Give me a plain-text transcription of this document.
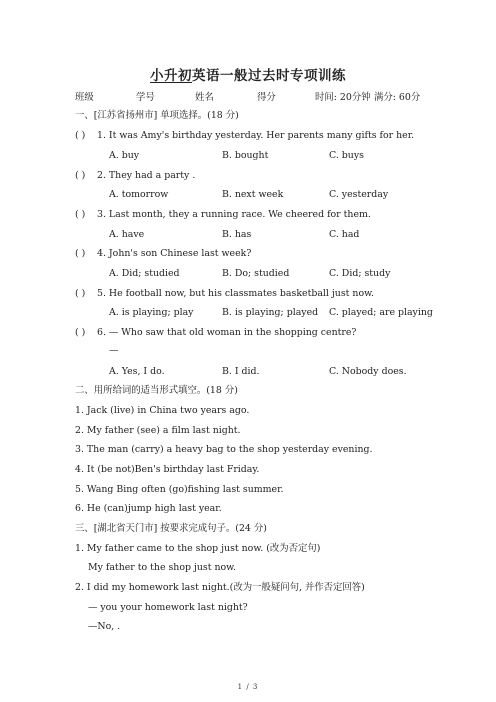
小升初英语一般过去时专项训练
班级	学号	姓名	得分	时间: 20分钟 满分: 60分
一、[江苏省扬州市] 单项选择。(18 分)
( ) 1. It was Amy's birthday yesterday. Her parents many gifts for her.
A. buy	B. bought	C. buys
( ) 2. They had a party .
A. tomorrow	B. next week	C. yesterday
( ) 3. Last month, they a running race. We cheered for them.
A. have	B. has	C. had
( ) 4. John's son Chinese last week?
A. Did; studied	B. Do; studied	C. Did; study
( ) 5. He football now, but his classmates basketball just now.
A. is playing; play	B. is playing; played C. played; are playing
( ) 6. — Who saw that old woman in the shopping centre?
—
A. Yes, I do.	B. I did.	C. Nobody does.
二、用所给词的适当形式填空。(18 分)
1. Jack (live) in China two years ago.
2. My father (see) a film last night.
3. The man (carry) a heavy bag to the shop yesterday evening.
4. It (be not)Ben's birthday last Friday.
5. Wang Bing often (go)fishing last summer.
6. He (can)jump high last year.
三、[湖北省天门市] 按要求完成句子。(24 分)
1. My father came to the shop just now. (改为否定句)
My father to the shop just now.
2. I did my homework last night.(改为一般疑问句, 并作否定回答)
— you your homework last night?
—No, .
1 / 3
